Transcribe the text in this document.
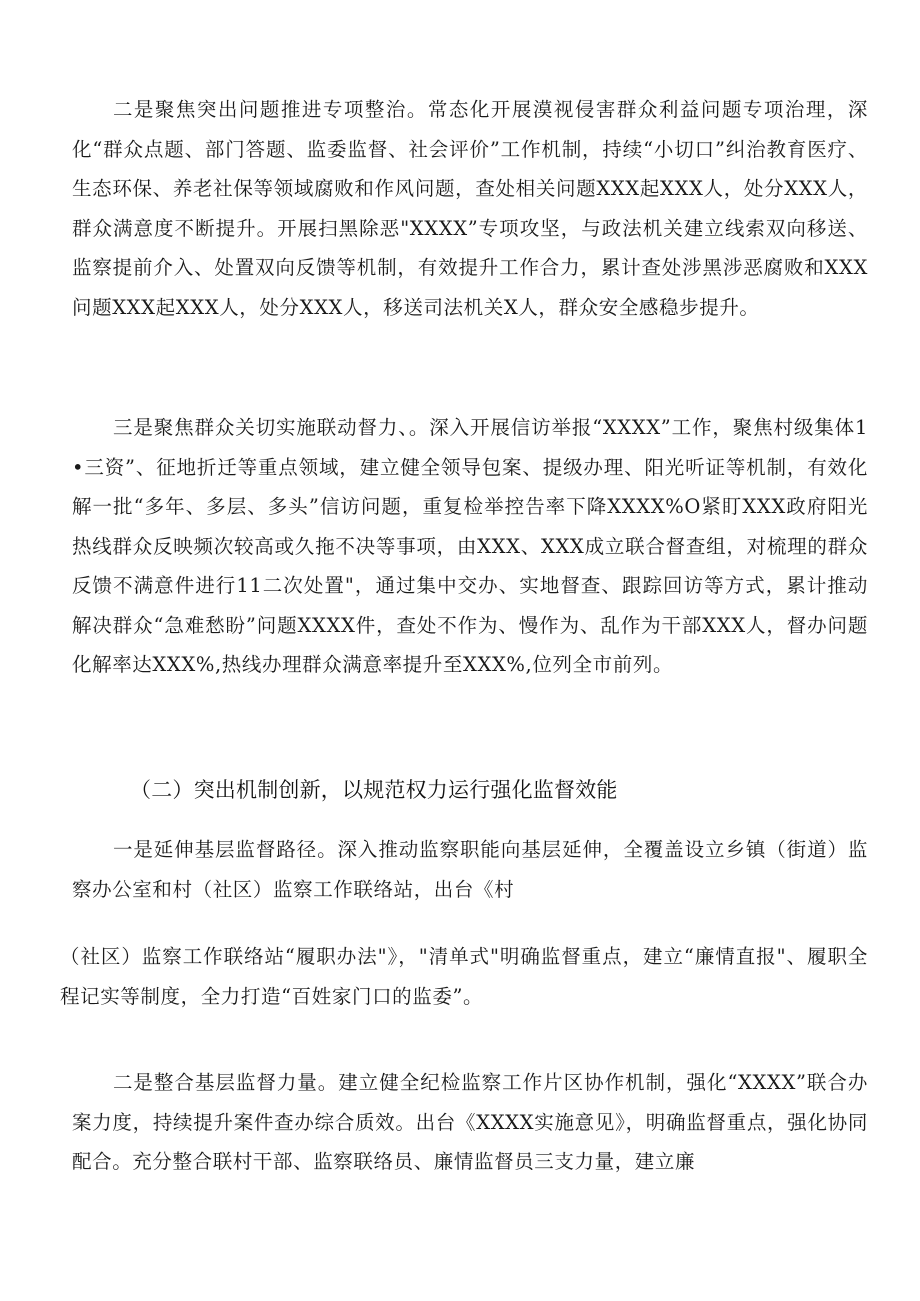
二是聚焦突出问题推进专项整治。常态化开展漠视侵害群众利益问题专项治理，深化“群众点题、部门答题、监委监督、社会评价”工作机制，持续“小切口”纠治教育医疗、生态环保、养老社保等领域腐败和作风问题，查处相关问题XXX起XXX人，处分XXX人，群众满意度不断提升。开展扫黑除恶"XXXX”专项攻坚，与政法机关建立线索双向移送、监察提前介入、处置双向反馈等机制，有效提升工作合力，累计查处涉黑涉恶腐败和XXX问题XXX起XXX人，处分XXX人，移送司法机关X人，群众安全感稳步提升。

三是聚焦群众关切实施联动督力、。深入开展信访举报“XXXX”工作，聚焦村级集体1•三资”、征地折迁等重点领域，建立健全领导包案、提级办理、阳光听证等机制，有效化解一批“多年、多层、多头”信访问题，重复检举控告率下降XXXX%O紧盯XXX政府阳光热线群众反映频次较高或久拖不决等事项，由XXX、XXX成立联合督查组，对梳理的群众反馈不满意件进行11二次处置"，通过集中交办、实地督查、跟踪回访等方式，累计推动解决群众“急难愁盼”问题XXXX件，查处不作为、慢作为、乱作为干部XXX人，督办问题化解率达XXX%,热线办理群众满意率提升至XXX%,位列全市前列。

（二）突出机制创新，以规范权力运行强化监督效能

一是延伸基层监督路径。深入推动监察职能向基层延伸，全覆盖设立乡镇（街道）监察办公室和村（社区）监察工作联络站，出台《村

（社区）监察工作联络站“履职办法"》，"清单式"明确监督重点，建立“廉情直报"、履职全程记实等制度，全力打造“百姓家门口的监委”。

二是整合基层监督力量。建立健全纪检监察工作片区协作机制，强化“XXXX”联合办案力度，持续提升案件查办综合质效。出台《XXXX实施意见》，明确监督重点，强化协同配合。充分整合联村干部、监察联络员、廉情监督员三支力量，建立廉
